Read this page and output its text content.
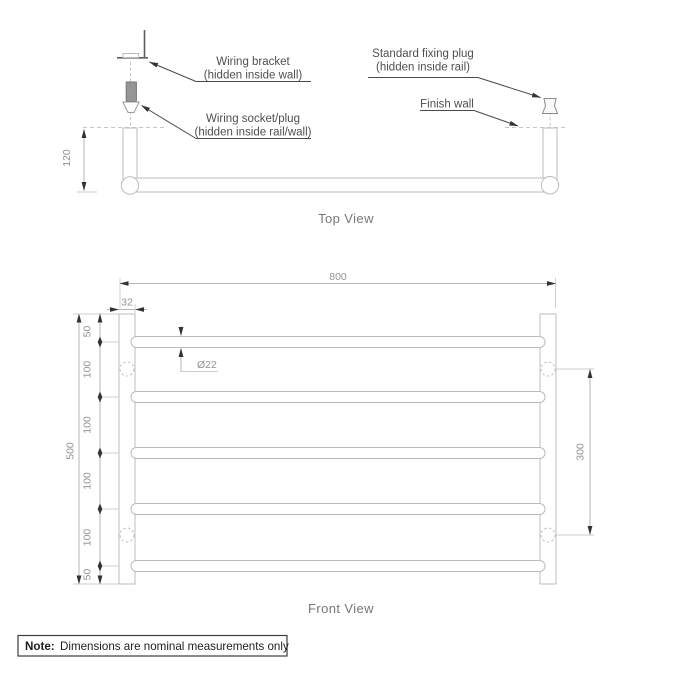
120
Wiring bracket
(hidden inside wall)
Wiring socket/plug
(hidden inside rail/wall)
Standard fixing plug
(hidden inside rail)
Finish wall
Top View
800
32
500
50
100
100
100
100
50
Ø22
300
Front View
Note: Dimensions are nominal measurements only
